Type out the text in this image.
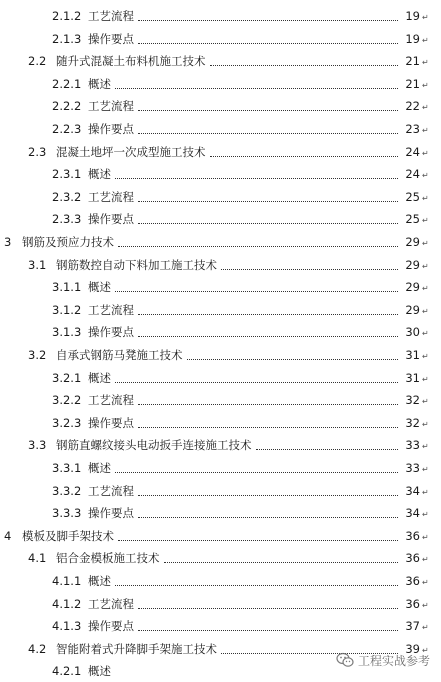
2.1.2 工艺流程	19 ↵
2.1.3 操作要点	19 ↵
2.2 随升式混凝土布料机施工技术	21 ↵
2.2.1 概述	21 ↵
2.2.2 工艺流程	22 ↵
2.2.3 操作要点	23 ↵
2.3 混凝土地坪一次成型施工技术	24 ↵
2.3.1 概述	24 ↵
2.3.2 工艺流程	25 ↵
2.3.3 操作要点	25 ↵
3 钢筋及预应力技术	29 ↵
3.1 钢筋数控自动下料加工施工技术	29 ↵
3.1.1 概述	29 ↵
3.1.2 工艺流程	29 ↵
3.1.3 操作要点	30 ↵
3.2 自承式钢筋马凳施工技术	31 ↵
3.2.1 概述	31 ↵
3.2.2 工艺流程	32 ↵
3.2.3 操作要点	32 ↵
3.3 钢筋直螺纹接头电动扳手连接施工技术	33 ↵
3.3.1 概述	33 ↵
3.3.2 工艺流程	34 ↵
3.3.3 操作要点	34 ↵
4 模板及脚手架技术	36 ↵
4.1 铝合金模板施工技术	36 ↵
4.1.1 概述	36 ↵
4.1.2 工艺流程	36 ↵
4.1.3 操作要点	37 ↵
4.2 智能附着式升降脚手架施工技术	39 ↵
4.2.1 概述
工程实战参考
